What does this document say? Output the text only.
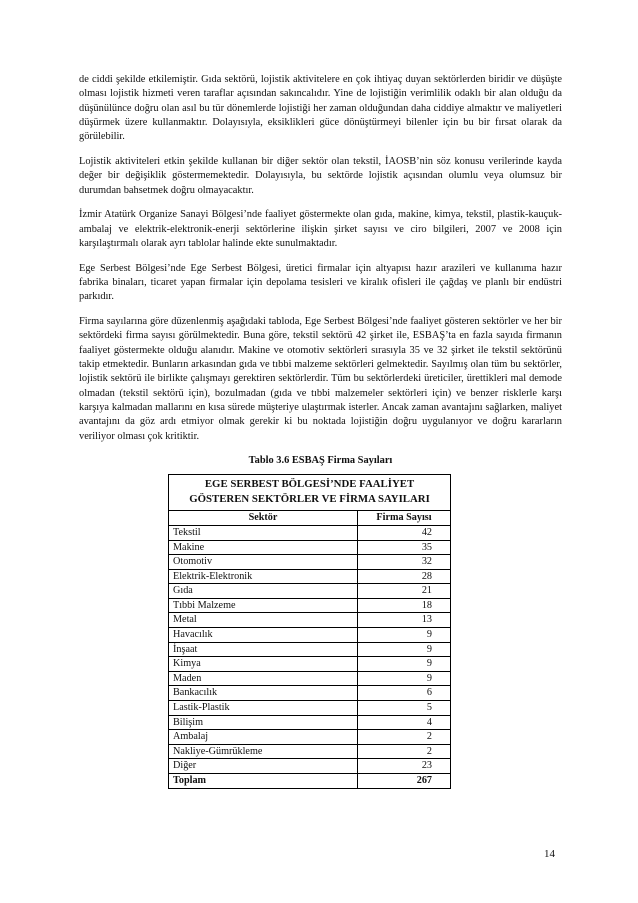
de ciddi şekilde etkilemiştir. Gıda sektörü, lojistik aktivitelere en çok ihtiyaç duyan sektörlerden biridir ve düşüşte olması lojistik hizmeti veren taraflar açısından sakıncalıdır. Yine de lojistiğin verimlilik odaklı bir alan olduğu da düşünülünce doğru olan asıl bu tür dönemlerde lojistiği her zaman olduğundan daha ciddiye almaktır ve maliyetleri düşürmek üzere kullanmaktır. Dolayısıyla, eksiklikleri güce dönüştürmeyi bilenler için bu bir fırsat olarak da görülebilir.

Lojistik aktiviteleri etkin şekilde kullanan bir diğer sektör olan tekstil, İAOSB’nin söz konusu verilerinde kayda değer bir değişiklik göstermemektedir. Dolayısıyla, bu sektörde lojistik açısından olumlu veya olumsuz bir durumdan bahsetmek doğru olmayacaktır.

İzmir Atatürk Organize Sanayi Bölgesi’nde faaliyet göstermekte olan gıda, makine, kimya, tekstil, plastik-kauçuk-ambalaj ve elektrik-elektronik-enerji sektörlerine ilişkin şirket sayısı ve ciro bilgileri, 2007 ve 2008 için karşılaştırmalı olarak ayrı tablolar halinde ekte sunulmaktadır.

Ege Serbest Bölgesi’nde Ege Serbest Bölgesi, üretici firmalar için altyapısı hazır arazileri ve kullanıma hazır fabrika binaları, ticaret yapan firmalar için depolama tesisleri ve kiralık ofisleri ile çağdaş ve planlı bir endüstri parkıdır.

Firma sayılarına göre düzenlenmiş aşağıdaki tabloda, Ege Serbest Bölgesi’nde faaliyet gösteren sektörler ve her bir sektördeki firma sayısı görülmektedir. Buna göre, tekstil sektörü 42 şirket ile, ESBAŞ’ta en fazla sayıda firmanın faaliyet göstermekte olduğu alanıdır. Makine ve otomotiv sektörleri sırasıyla 35 ve 32 şirket ile tekstil sektörünü takip etmektedir. Bunların arkasından gıda ve tıbbi malzeme sektörleri gelmektedir. Sayılmış olan tüm bu sektörler, lojistik sektörü ile birlikte çalışmayı gerektiren sektörlerdir. Tüm bu sektörlerdeki üreticiler, ürettikleri mal demode olmadan (tekstil sektörü için), bozulmadan (gıda ve tıbbi malzemeler sektörleri için) ve benzer risklerle karşı karşıya kalmadan mallarını en kısa sürede müşteriye ulaştırmak isterler. Ancak zaman avantajını sağlarken, maliyet avantajını da göz ardı etmiyor olmak gerekir ki bu noktada lojistiğin doğru uygulanıyor ve doğru kararların veriliyor olması çok kritiktir.

Tablo 3.6 ESBAŞ Firma Sayıları
EGE SERBEST BÖLGESİ’NDE FAALİYET
GÖSTEREN SEKTÖRLER VE FİRMA SAYILARI	

Sektör	Firma Sayısı
Tekstil	42
Makine	35
Otomotiv	32
Elektrik-Elektronik	28
Gıda	21
Tıbbi Malzeme	18
Metal	13
Havacılık	9
İnşaat	9
Kimya	9
Maden	9
Bankacılık	6
Lastik-Plastik	5
Bilişim	4
Ambalaj	2
Nakliye-Gümrükleme	2
Diğer	23
Toplam	267
14
